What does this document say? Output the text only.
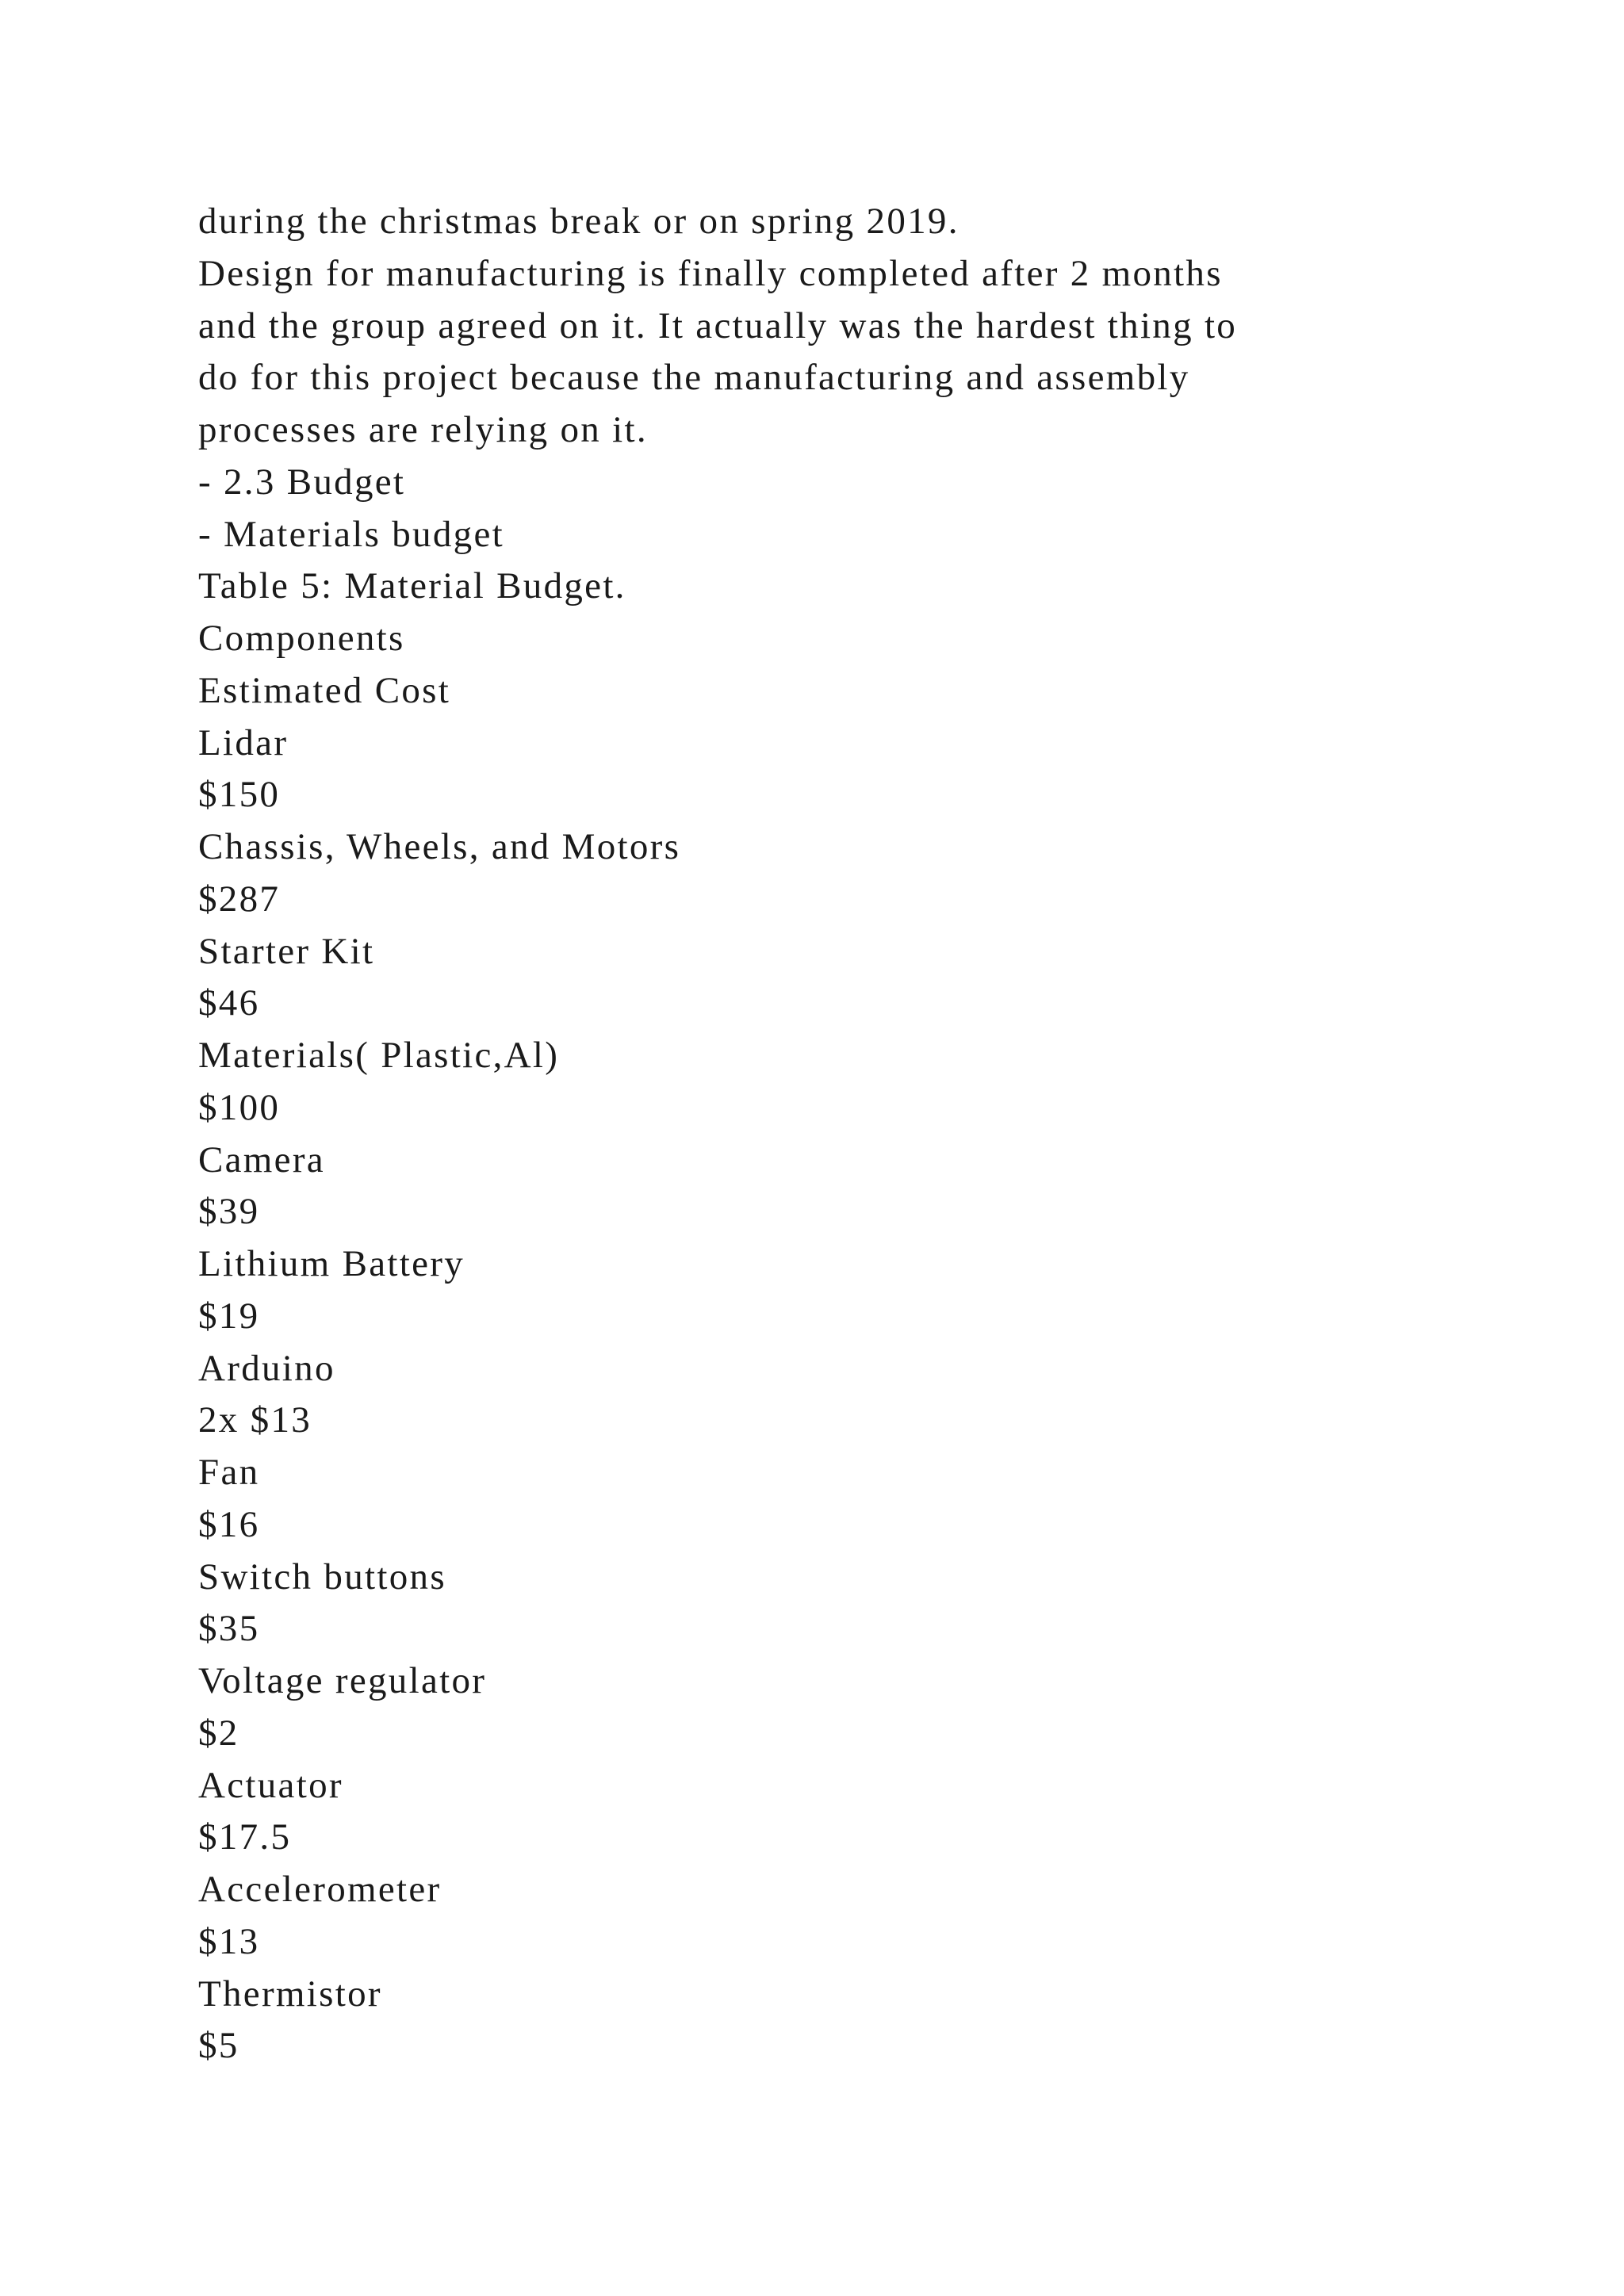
during the christmas break or on spring 2019.
Design for manufacturing is finally completed after 2 months
and the group agreed on it. It actually was the hardest thing to
do for this project because the manufacturing and assembly
processes are relying on it.
- 2.3 Budget
- Materials budget
Table 5: Material Budget.
Components
Estimated Cost
Lidar
$150
Chassis, Wheels, and Motors
$287
Starter Kit
$46
Materials( Plastic,Al)
$100
Camera
$39
Lithium Battery
$19
Arduino
2x $13
Fan
$16
Switch buttons
$35
Voltage regulator
$2
Actuator
$17.5
Accelerometer
$13
Thermistor
$5
